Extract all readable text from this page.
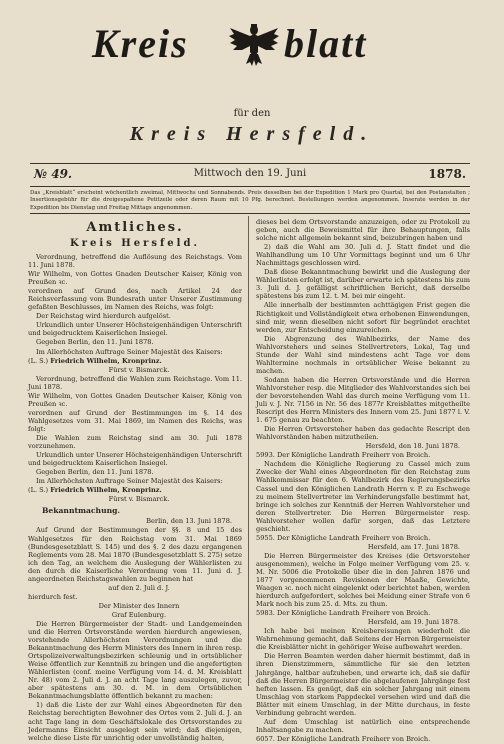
Kreis blatt
für den
Kreis Hersfeld.
№ 49.	Mittwoch den 19. Juni	1878.
Das „Kreisblatt“ erscheint wöchentlich zweimal, Mittwochs und Sonnabends. Preis desselben bei der Expedition 1 Mark pro Quartal, bei den Postanstalten ; Insertionsgebühr für die dreigespaltene Petitzeile oder deren Raum mit 10 Pfg. berechnet. Bestellungen werden angenommen. Inserate werden in der Expedition bis Dienstag und Freitag Mittags angenommen.
Amtliches.
Kreis Hersfeld.

Verordnung, betreffend die Auflösung des Reichstags. Vom 11. Juni 1878.

Wir Wilhelm, von Gottes Gnaden Deutscher Kaiser, König von Preußen ꝛc.

verordnen auf Grund des, nach Artikel 24 der Reichsverfassung vom Bundesrath unter Unserer Zustimmung gefaßten Beschlusses, im Namen des Reichs, was folgt:

Der Reichstag wird hierdurch aufgelöst.

Urkundlich unter Unserer Höchsteigenhändigen Unterschrift und beigedrucktem Kaiserlichen Insiegel.

Gegeben Berlin, den 11. Juni 1878.

Im Allerhöchsten Auftrage Seiner Majestät des Kaisers:

(L. S.) Friedrich Wilhelm, Kronprinz.

Fürst v. Bismarck.

Verordnung, betreffend die Wahlen zum Reichstage. Vom 11. Juni 1878.

Wir Wilhelm, von Gottes Gnaden Deutscher Kaiser, König von Preußen ꝛc.

verordnen auf Grund der Bestimmungen im §. 14 des Wahlgesetzes vom 31. Mai 1869, im Namen des Reichs, was folgt:

Die Wahlen zum Reichstag sind am 30. Juli 1878 vorzunehmen.

Urkundlich unter Unserer Höchsteigenhändigen Unterschrift und beigedrucktem Kaiserlichen Insiegel.

Gegeben Berlin, den 11. Juni 1878.

Im Allerhöchsten Auftrage Seiner Majestät des Kaisers:

(L. S.) Friedrich Wilhelm, Kronprinz.

Fürst v. Bismarck.

Bekanntmachung.

Berlin, den 13. Juni 1878.

Auf Grund der Bestimmungen der §§. 8 und 15 des Wahlgesetzes für den Reichstag vom 31. Mai 1869 (Bundesgesetzblatt S. 145) und des §. 2 des dazu ergangenen Reglements vom 28. Mai 1870 (Bundesgesetzblatt S. 275) setze ich den Tag, an welchem die Auslegung der Wählerlisten zu den durch die Kaiserliche Verordnung vom 11. Juni d. J. angeordneten Reichstagswahlen zu beginnen hat

auf den 2. Juli d. J.

hierdurch fest.

Der Minister des Innern

Graf Eulenburg.

Die Herren Bürgermeister der Stadt- und Landgemeinden und die Herren Ortsvorstände werden hierdurch angewiesen, vorstehende Allerhöchsten Verordnungen und die Bekanntmachung des Herrn Ministers des Innern in ihren resp. Ortspolizeiverwaltungsbezirken schleunig und in ortsüblicher Weise öffentlich zur Kenntniß zu bringen und die angefertigten Wählerlisten (conf. meine Verfügung vom 14. d. M. Kreisblatt Nr. 48) vom 2. Juli d. J. an acht Tage lang auszulegen, zuvor, aber spätestens am 30. d. M. in dem Ortsüblichen Bekanntmachungsblatte öffentlich bekannt zu machen:

1) daß die Liste der zur Wahl eines Abgeordneten für den Reichstag berechtigten Bewohner des Ortes vom 2. Juli d. J. an acht Tage lang in dem Geschäftslokale des Ortsvorstandes zu Jedermanns Einsicht ausgelegt sein wird; daß diejenigen, welche diese Liste für unrichtig oder unvollständig halten,

dieses bei dem Ortsvorstande anzuzeigen, oder zu Protokoll zu geben, auch die Beweismittel für ihre Behauptungen, falls solche nicht allgemein bekannt sind, beizubringen haben und

2) daß die Wahl am 30. Juli d. J. Statt findet und die Wahlhandlung um 10 Uhr Vormittags beginnt und um 6 Uhr Nachmittags geschlossen wird.

Daß diese Bekanntmachung bewirkt und die Auslegung der Wählerlisten erfolgt ist, darüber erwarte ich spätestens bis zum 3. Juli d. J. gefälligst schriftlichen Bericht, daß derselbe spätestens bis zum 12. t. M. bei mir eingeht.

Alle innerhalb der bestimmten achttägigen Frist gegen die Richtigkeit und Vollständigkeit etwa erhobenen Einwendungen, sind mir, wenn dieselben nicht sofort für begründet erachtet werden, zur Entscheidung einzureichen.

Die Abgrenzung des Wahlbezirks, der Name des Wahlvorstehers und seines Stellvertreters, Lokal, Tag und Stunde der Wahl sind mindestens acht Tage vor dem Wahltermine nochmals in ortsüblicher Weise bekannt zu machen.

Sodann haben die Herren Ortsvorstände und die Herren Wahlvorsteher resp. die Mitglieder des Wahlvorstandes sich bei der bevorstehenden Wahl das durch meine Verfügung vom 11. Juli v. J. Nr. 7156 in Nr. 56 des 1877r Kreisblattes mitgetheilte Rescript des Herrn Ministers des Innern vom 25. Juni 1877 l. V. 1. 675 genau zu beachten.

Die Herren Ortsvorsteher haben das gedachte Rescript den Wahlvorständen haben mitzutheilen.

Hersfeld, den 18. Juni 1878.

5993. Der Königliche Landrath Freiherr von Broich.

Nachdem die Königliche Regierung zu Cassel mich zum Zwecke der Wahl eines Abgeordneten für den Reichstag zum Wahlkommissar für den 6. Wahlbezirk des Regierungsbezirks Cassel und den Königlichen Landrath Herrn v. P. zu Eschwege zu meinem Stellvertreter im Verhinderungsfalle bestimmt hat, bringe ich solches zur Kenntniß der Herren Wahlvorsteher und deren Stellvertreter. Die Herren Bürgermeister resp. Wahlvorsteher wollen dafür sorgen, daß das Letztere geschieht.

5955. Der Königliche Landrath Freiherr von Broich.

Hersfeld, am 17. Juni 1878.

Die Herren Bürgermeister des Kreises (die Ortsvorsteher ausgenommen), welche in Folge meiner Verfügung vom 25. v. M. Nr. 5006 die Protokolle über die in den Jahren 1876 und 1877 vorgenommenen Revisionen der Maaße, Gewichte, Waagen ꝛc. noch nicht eingelenkt oder berichtet haben, werden hierdurch aufgefordert, solches bei Meidung einer Strafe von 6 Mark noch bis zum 25. d. Mts. zu thun.

5983. Der Königliche Landrath Freiherr von Broich.

Hersfeld, am 19. Juni 1878.

Ich habe bei meinen Kreisbereisungen wiederholt die Wahrnehmung gemacht, daß Seitens der Herren Bürgermeister die Kreisblätter nicht in gehöriger Weise aufbewahrt werden.

Die Herren Beamten werden daher hiermit bestimmt, daß in ihren Dienstzimmern, sämmtliche für sie den letzten Jahrgänge, haltbar aufzuheben, und erwarte ich, daß sie dafür daß die Herren Bürgermeister die abgelaufenen Jahrgänge fest heften lassen. Es genügt, daß ein solcher Jahrgang mit einem Umschlag von starkem Pappdeckel versehen wird und daß die Blätter mit einem Umschlag, in der Mitte durchaus, in feste Verbindung gebracht werden.

Auf dem Umschlag ist natürlich eine entsprechende Inhaltsangabe zu machen.

6057. Der Königliche Landrath Freiherr von Broich.
